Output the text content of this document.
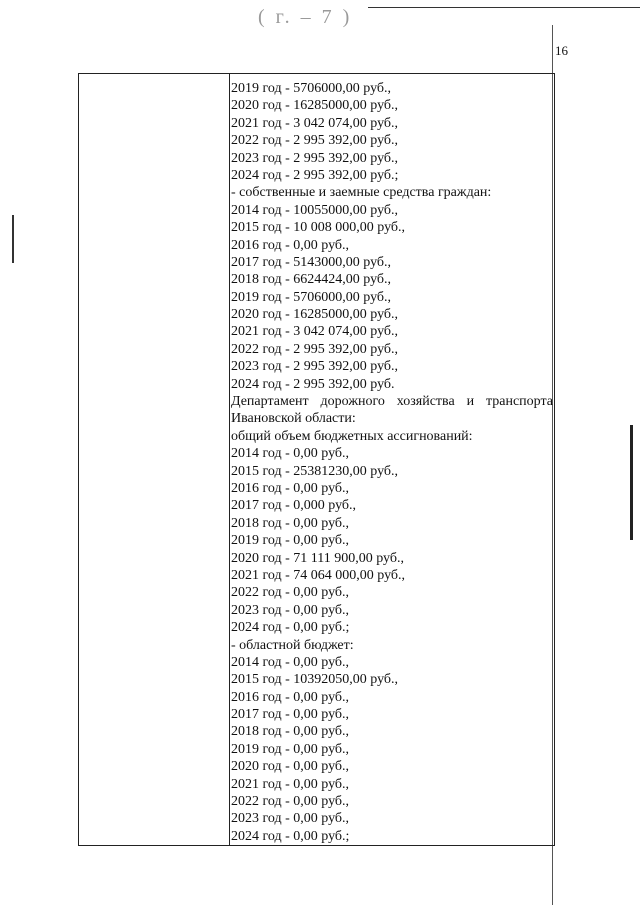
( г. – 7 )
16
2019 год - 5706000,00 руб.,
2020 год - 16285000,00 руб.,
2021 год - 3 042 074,00 руб.,
2022 год - 2 995 392,00 руб.,
2023 год - 2 995 392,00 руб.,
2024 год - 2 995 392,00 руб.;
- собственные и заемные средства граждан:
2014 год - 10055000,00 руб.,
2015 год - 10 008 000,00 руб.,
2016 год - 0,00 руб.,
2017 год - 5143000,00 руб.,
2018 год - 6624424,00 руб.,
2019 год - 5706000,00 руб.,
2020 год - 16285000,00 руб.,
2021 год - 3 042 074,00 руб.,
2022 год - 2 995 392,00 руб.,
2023 год - 2 995 392,00 руб.,
2024 год - 2 995 392,00 руб.
Департамент дорожного хозяйства и транспорта
Ивановской области:
общий объем бюджетных ассигнований:
2014 год - 0,00 руб.,
2015 год - 25381230,00 руб.,
2016 год - 0,00 руб.,
2017 год - 0,000 руб.,
2018 год - 0,00 руб.,
2019 год - 0,00 руб.,
2020 год - 71 111 900,00 руб.,
2021 год - 74 064 000,00 руб.,
2022 год - 0,00 руб.,
2023 год - 0,00 руб.,
2024 год - 0,00 руб.;
- областной бюджет:
2014 год - 0,00 руб.,
2015 год - 10392050,00 руб.,
2016 год - 0,00 руб.,
2017 год - 0,00 руб.,
2018 год - 0,00 руб.,
2019 год - 0,00 руб.,
2020 год - 0,00 руб.,
2021 год - 0,00 руб.,
2022 год - 0,00 руб.,
2023 год - 0,00 руб.,
2024 год - 0,00 руб.;
